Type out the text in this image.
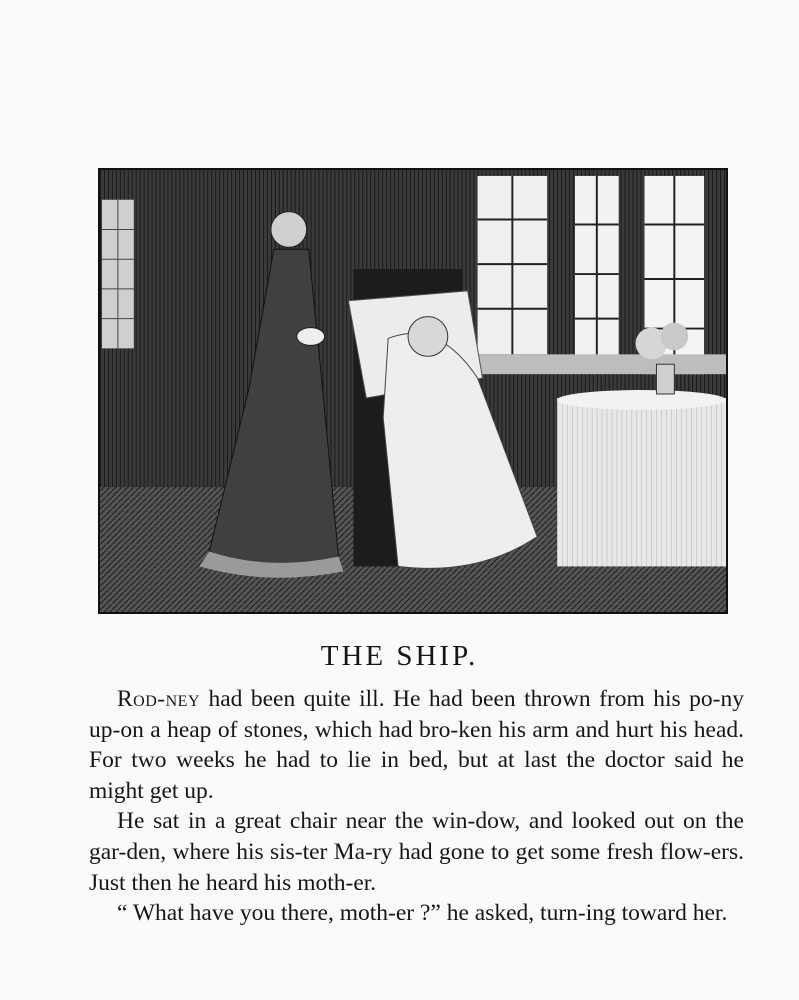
THE SHIP.

Rod-ney had been quite ill. He had been thrown from his po-ny up-on a heap of stones, which had bro-ken his arm and hurt his head. For two weeks he had to lie in bed, but at last the doctor said he might get up.

He sat in a great chair near the win-dow, and looked out on the gar-den, where his sis-ter Ma-ry had gone to get some fresh flow-ers. Just then he heard his moth-er.

“ What have you there, moth-er ?” he asked, turn-ing toward her.
